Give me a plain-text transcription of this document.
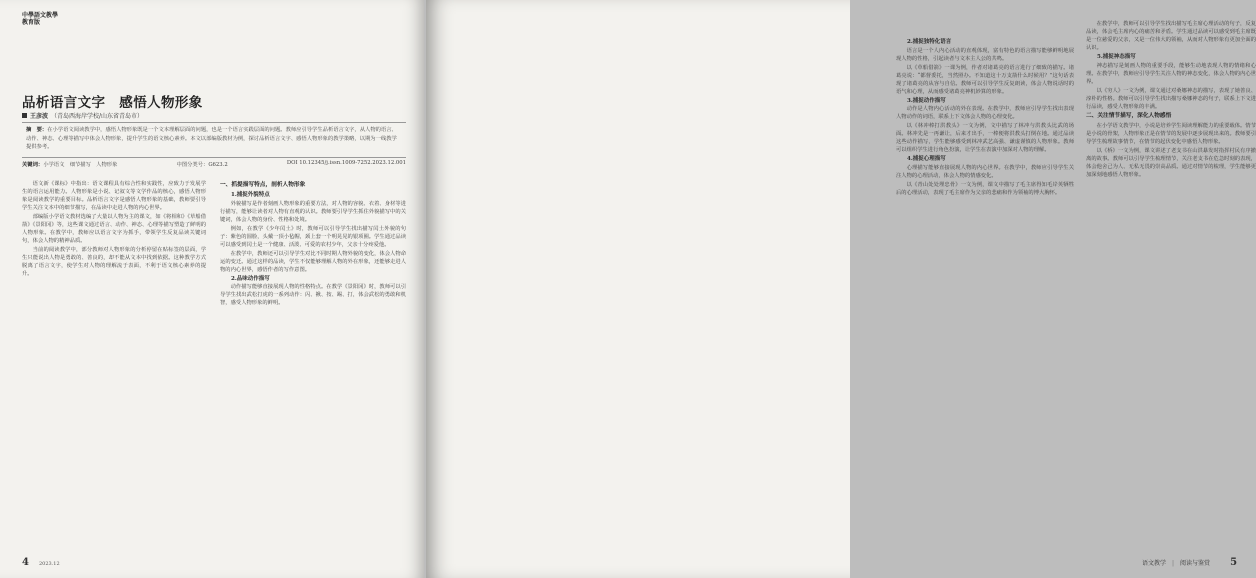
中學語文教學
教育版
品析语言文字　感悟人物形象
王彦波 （青岛西海岸学校/山东省青岛市）
摘　要：在小学语文阅读教学中，感悟人物形象既是一个文本理解层面的问题，也是一个语言实践层面的问题。教师应引导学生品析语言文字，从人物的语言、动作、神态、心理等描写中体会人物形象，提升学生的语文核心素养。本文以部编版教材为例，探讨品析语言文字、感悟人物形象的教学策略，以期为一线教学提供参考。
关键词：小学语文　细节描写　人物形象	中图分类号：G623.2	DOI 10.12345/j.issn.1009-7252.2023.12.001

语文新《课标》中指出：语文课程具有综合性和实践性，应致力于发展学生的语言运用能力。人物形象是小说、记叙文等文学作品的核心，感悟人物形象是阅读教学的重要目标。品析语言文字是感悟人物形象的基础，教师要引导学生关注文本中的细节描写，在品读中走进人物的内心世界。

部编版小学语文教材选编了大量以人物为主的课文，如《将相和》《草船借箭》《景阳冈》等，这些课文通过语言、动作、神态、心理等描写塑造了鲜明的人物形象。在教学中，教师应以语言文字为抓手，带领学生反复品读关键词句，体会人物的精神品质。

当前的阅读教学中，部分教师对人物形象的分析停留在贴标签的层面，学生只能说出人物是勇敢的、善良的，却不能从文本中找到依据。这种教学方式脱离了语言文字，使学生对人物的理解流于表面，不利于语文核心素养的提升。

一、抓提描写特点，剖析人物形象
1.捕捉外貌特点

外貌描写是作者刻画人物形象的重要方法，对人物的容貌、衣着、身材等进行描写，能够让读者对人物有直观的认识。教师要引导学生抓住外貌描写中的关键词，体会人物的身份、性格和处境。

例如，在教学《少年闰土》时，教师可以引导学生找出描写闰土外貌的句子：紫色的圆脸，头戴一顶小毡帽，颈上套一个明晃晃的银项圈。学生通过品读可以感受到闰土是一个健康、活泼、可爱的农村少年，父亲十分疼爱他。

在教学中，教师还可以引导学生对比不同时期人物外貌的变化，体会人物命运的变迁。通过这样的品读，学生不仅能够理解人物的外在形象，还能够走进人物的内心世界，感悟作者的写作意图。

2.品味动作描写

动作描写能够直接展现人物的性格特点。在教学《景阳冈》时，教师可以引导学生找出武松打虎的一系列动作：闪、揪、按、踢、打，体会武松的勇敢和机智，感受人物形象的鲜明。

4 2023.12
2.捕捉独特化语言

语言是一个人内心活动的直观体现，富有特色的语言描写能够鲜明地展现人物的性格，引起读者与文本主人公的共鸣。

以《草船借箭》一课为例，作者对诸葛亮的语言进行了细致的描写。诸葛亮说：“都督委托，当然照办。不知道这十万支箭什么时候用？”这句话表现了诸葛亮的从容与自信。教师可以引导学生反复朗读，体会人物说话时的语气和心理，从而感受诸葛亮神机妙算的形象。

3.捕捉动作描写

动作是人物内心活动的外在表现。在教学中，教师应引导学生找出表现人物动作的词语，联系上下文体会人物的心理变化。

以《林冲棒打洪教头》一文为例，文中描写了林冲与洪教头比武的场面。林冲先是一再谦让，后来才出手，一棒便将洪教头打倒在地。通过品读这些动作描写，学生能够感受到林冲武艺高强、谦虚谨慎的人物形象。教师可以组织学生进行角色扮演，让学生在表演中加深对人物的理解。

4.捕捉心理描写

心理描写能够直接展现人物的内心世界。在教学中，教师应引导学生关注人物的心理活动，体会人物的情感变化。

以《青山处处埋忠骨》一文为例，课文中描写了毛主席得知毛岸英牺牲后的心理活动，表现了毛主席作为父亲的悲痛和作为领袖的博大胸怀。

在教学中，教师可以引导学生找出描写毛主席心理活动的句子，反复品读，体会毛主席内心的痛苦和矛盾。学生通过品读可以感受到毛主席既是一位慈爱的父亲，又是一位伟大的领袖，从而对人物形象有更加全面的认识。

5.捕捉神态描写

神态描写是刻画人物的重要手段，能够生动地表现人物的情绪和心理。在教学中，教师应引导学生关注人物的神态变化，体会人物的内心世界。

以《穷人》一文为例，课文通过对桑娜神态的描写，表现了她善良、淳朴的性格。教师可以引导学生找出描写桑娜神态的句子，联系上下文进行品读，感受人物形象的丰满。

二、关注情节描写，深化人物感悟

在小学语文教学中，小说是培养学生阅读理解能力的重要载体。情节是小说的骨架，人物形象正是在情节的发展中逐步展现出来的。教师要引导学生梳理故事情节，在情节的起伏变化中感悟人物形象。

以《桥》一文为例，课文讲述了老支书在山洪暴发时指挥村民有序撤离的故事。教师可以引导学生梳理情节，关注老支书在危急时刻的表现，体会他舍己为人、无私无畏的崇高品质。通过对情节的梳理，学生能够更加深刻地感悟人物形象。

语文教学 | 阅读与鉴赏 5
